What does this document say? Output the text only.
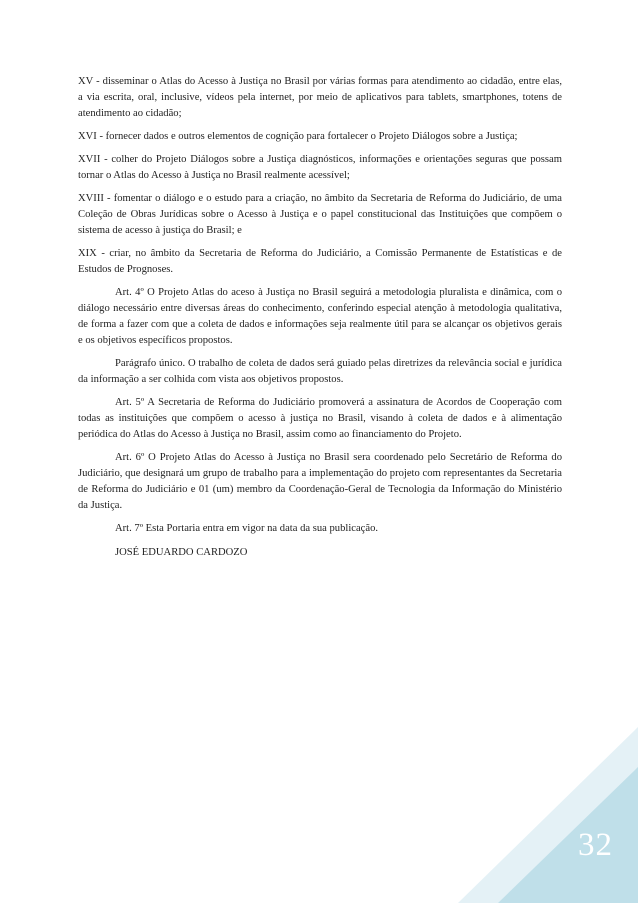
XV - disseminar o Atlas do Acesso à Justiça no Brasil por várias formas para atendimento ao cidadão, entre elas, a via escrita, oral, inclusive, vídeos pela internet, por meio de aplicativos para tablets, smartphones, totens de atendimento ao cidadão;

XVI - fornecer dados e outros elementos de cognição para fortalecer o Projeto Diálogos sobre a Justiça;

XVII - colher do Projeto Diálogos sobre a Justiça diagnósticos, informações e orientações seguras que possam tornar o Atlas do Acesso à Justiça no Brasil realmente acessível;

XVIII - fomentar o diálogo e o estudo para a criação, no âmbito da Secretaria de Reforma do Judiciário, de uma Coleção de Obras Jurídicas sobre o Acesso à Justiça e o papel constitucional das Instituições que compõem o sistema de acesso à justiça do Brasil; e

XIX - criar, no âmbito da Secretaria de Reforma do Judiciário, a Comissão Permanente de Estatísticas e de Estudos de Prognoses.

Art. 4º O Projeto Atlas do aceso à Justiça no Brasil seguirá a metodologia pluralista e dinâmica, com o diálogo necessário entre diversas áreas do conhecimento, conferindo especial atenção à metodologia qualitativa, de forma a fazer com que a coleta de dados e informações seja realmente útil para se alcançar os objetivos gerais e os objetivos específicos propostos.

Parágrafo único. O trabalho de coleta de dados será guiado pelas diretrizes da relevância social e jurídica da informação a ser colhida com vista aos objetivos propostos.

Art. 5º A Secretaria de Reforma do Judiciário promoverá a assinatura de Acordos de Cooperação com todas as instituições que compõem o acesso à justiça no Brasil, visando à coleta de dados e à alimentação periódica do Atlas do Acesso à Justiça no Brasil, assim como ao financiamento do Projeto.

Art. 6º O Projeto Atlas do Acesso à Justiça no Brasil sera coordenado pelo Secretário de Reforma do Judiciário, que designará um grupo de trabalho para a implementação do projeto com representantes da Secretaria de Reforma do Judiciário e 01 (um) membro da Coordenação-Geral de Tecnologia da Informação do Ministério da Justiça.

Art. 7º Esta Portaria entra em vigor na data da sua publicação.

JOSÉ EDUARDO CARDOZO

32
